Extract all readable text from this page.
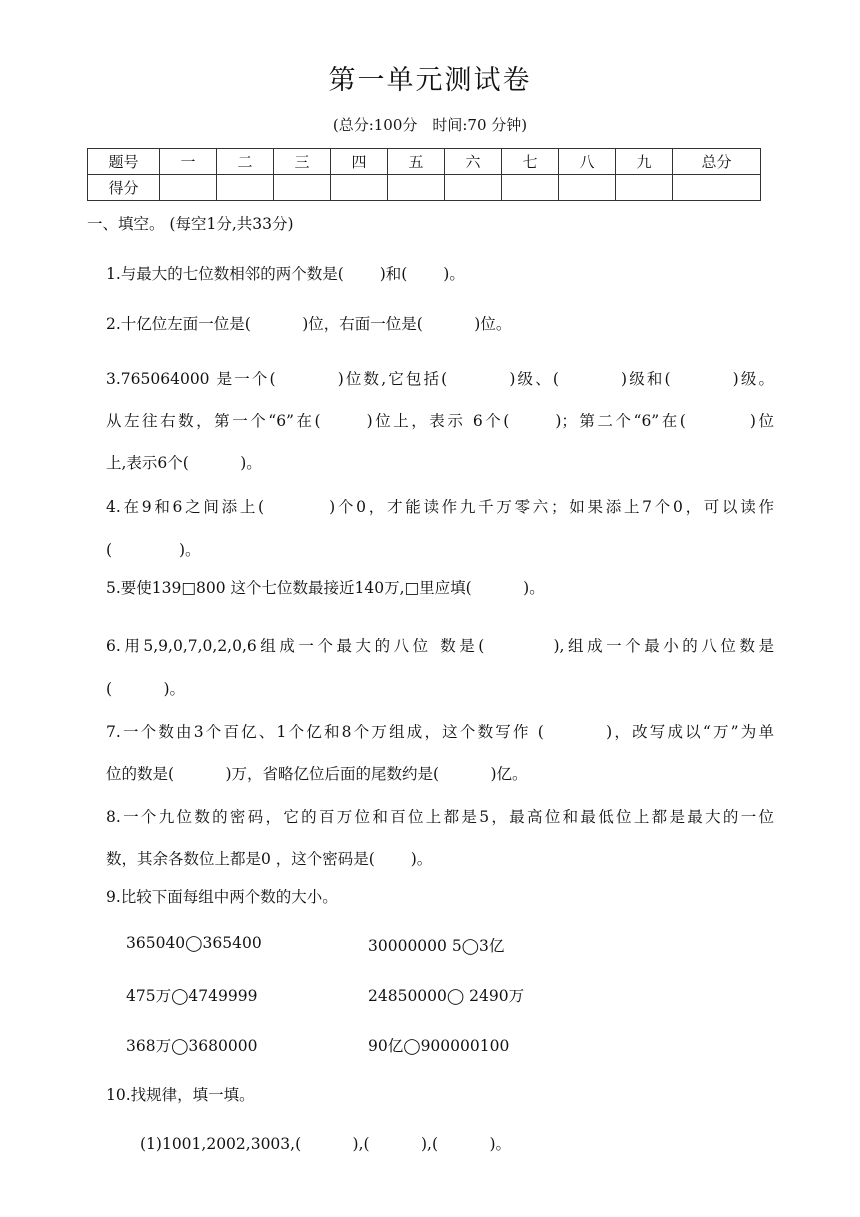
第一单元测试卷
(总分:100分　时间:70 分钟)
题号	一	二	三	四	五	六	七	八	九	总分
得分										
一、填空。 (每空1分,共33分)
1.与最大的七位数相邻的两个数是(　　 )和(　　 )。
2.十亿位左面一位是(　　　 )位，右面一位是(　　　 )位。
3.765064000 是一个(　　　 )位数,它包括(　　　 )级、(　　　 )级和(　　　 )级。
从左往右数，第一个“6”在(　　 )位上，表示 6个(　　 )；第二个“6”在(　　　 )位
上,表示6个(　　　 )。
4.在9和6之间添上(　　　 )个0，才能读作九千万零六；如果添上7个0，可以读作
(　　　　 )。
5.要使139□800 这个七位数最接近140万,□里应填(　　　 )。
6.用5,9,0,7,0,2,0,6组成一个最大的八位 数是(　　　 ),组成一个最小的八位数是
(　　　 )。
7.一个数由3个百亿、1个亿和8个万组成，这个数写作 (　　　 )，改写成以“万”为单
位的数是(　　　 )万，省略亿位后面的尾数约是(　　　 )亿。
8.一个九位数的密码，它的百万位和百位上都是5，最高位和最低位上都是最大的一位
数，其余各数位上都是0 ，这个密码是(　　 )。
9.比较下面每组中两个数的大小。
365040◯365400	30000000 5◯3亿
475万◯4749999	24850000◯ 2490万
368万◯3680000	90亿◯900000100
10.找规律，填一填。
(1)1001,2002,3003,(　　　 ),(　　　 ),(　　　 )。
